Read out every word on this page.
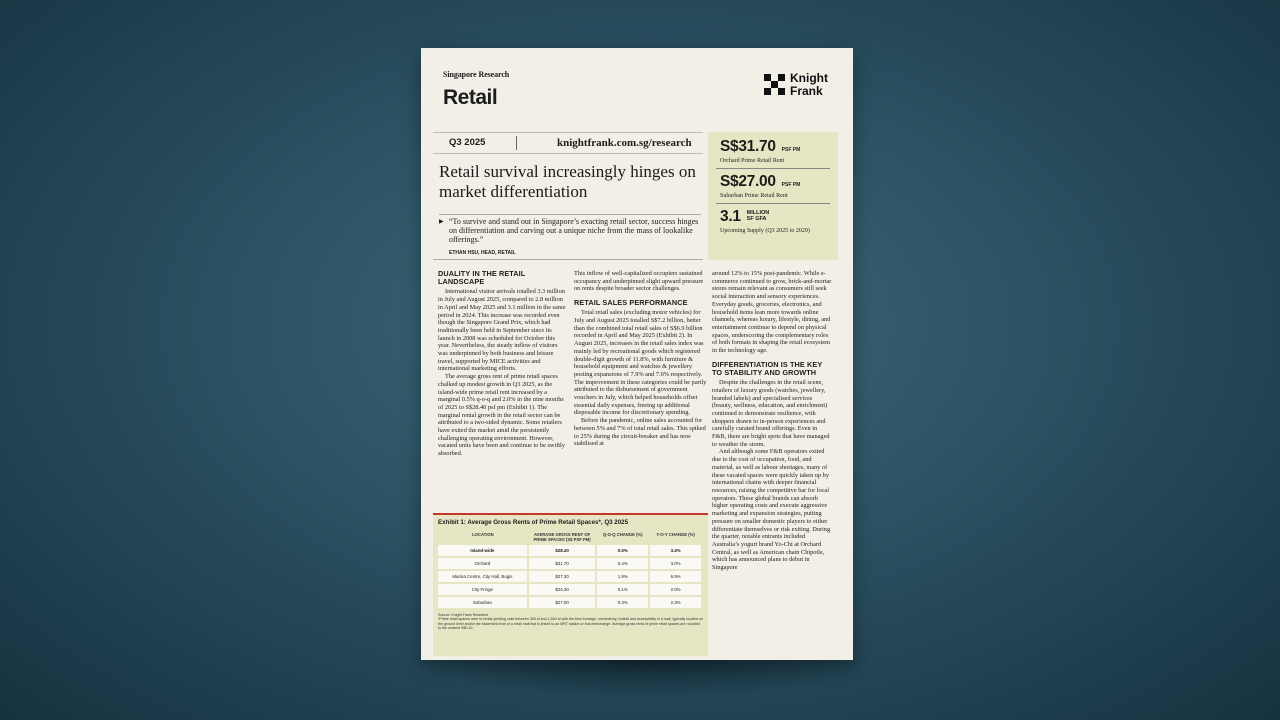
Singapore Research
Retail
Knight
Frank
Q3 2025	knightfrank.com.sg/research
Retail survival increasingly hinges on market differentiation
▶ “To survive and stand out in Singapore’s exacting retail sector, success hinges on differentiation and carving out a unique niche from the mass of lookalike offerings.”
ETHAN HSU, HEAD, RETAIL
S$31.70 PSF PM
Orchard Prime Retail Rent
S$27.00 PSF PM
Suburban Prime Retail Rent
3.1 MILLION
SF GFA
Upcoming Supply (Q3 2025 to 2029)
DUALITY IN THE RETAIL LANDSCAPE

International visitor arrivals totalled 3.3 million in July and August 2025, compared to 2.8 million in April and May 2025 and 3.1 million in the same period in 2024. This increase was recorded even though the Singapore Grand Prix, which had traditionally been held in September since its launch in 2008 was scheduled for October this year. Nevertheless, the steady inflow of visitors was underpinned by both business and leisure travel, supported by MICE activities and international marketing efforts.

The average gross rent of prime retail spaces chalked up modest growth in Q3 2025, as the island-wide prime retail rent increased by a marginal 0.5% q-o-q and 2.0% in the nine months of 2025 to S$28.40 psf pm (Exhibit 1). The marginal rental growth in the retail sector can be attributed to a two-sided dynamic. Some retailers have exited the market amid the persistently challenging operating environment. However, vacated units have been and continue to be swiftly absorbed.

This inflow of well-capitalized occupiers sustained occupancy and underpinned slight upward pressure on rents despite broader sector challenges.

RETAIL SALES PERFORMANCE

Total retail sales (excluding motor vehicles) for July and August 2025 totalled S$7.2 billion, better than the combined total retail sales of S$6.9 billion recorded in April and May 2025 (Exhibit 2). In August 2025, increases in the retail sales index was mainly led by recreational goods which registered double-digit growth of 11.8%, with furniture & household equipment and watches & jewellery posting expansions of 7.9% and 7.0% respectively. The improvement in these categories could be partly attributed to the disbursement of government vouchers in July, which helped households offset essential daily expenses, freeing up additional disposable income for discretionary spending.

Before the pandemic, online sales accounted for between 5% and 7% of total retail sales. This spiked to 25% during the circuit-breaker and has now stabilised at

around 12% to 15% post-pandemic. While e-commerce continued to grow, brick-and-mortar stores remain relevant as consumers still seek social interaction and sensory experiences. Everyday goods, groceries, electronics, and household items lean more towards online channels, whereas luxury, lifestyle, dining, and entertainment continue to depend on physical spaces, underscoring the complementary roles of both formats in shaping the retail ecosystem in the technology age.

DIFFERENTIATION IS THE KEY TO STABILITY AND GROWTH

Despite the challenges in the retail scene, retailers of luxury goods (watches, jewellery, branded labels) and specialised services (beauty, wellness, education, and enrichment) continued to demonstrate resilience, with shoppers drawn to in-person experiences and carefully curated brand offerings. Even in F&B, there are bright spots that have managed to weather the storm.

And although some F&B operators exited due to the cost of occupation, food, and material, as well as labour shortages, many of these vacated spaces were quickly taken up by international chains with deeper financial resources, raising the competitive bar for local operators. These global brands can absorb higher operating costs and execute aggressive marketing and expansion strategies, putting pressure on smaller domestic players to either differentiate themselves or risk exiting. During the quarter, notable entrants included Australia’s yogurt brand Yo-Chi at Orchard Central, as well as American chain Chipotle, which has announced plans to debut in Singapore

Exhibit 1: Average Gross Rents of Prime Retail Spaces*, Q3 2025
LOCATION	AVERAGE GROSS RENT OF PRIME SPACES (S$ PSF PM)	Q-O-Q CHANGE (%)	Y-O-Y CHANGE (%)
Island-wide	$28.40	0.5%	3.4%
Orchard	$31.70	0.4%	3.0%
Marina Centre, City Hall, Bugis	$27.30	1.9%	6.9%
City Fringe	$24.30	0.1%	2.0%
Suburban	$27.00	0.3%	2.3%
Source: Knight Frank Research
*Prime retail spaces refer to rental-yielding units between 350 sf and 1,500 sf with the best frontage, connectivity, footfall and accessibility in a mall, typically located on the ground level and/or the basement level of a retail mall that is linked to an MRT station or bus interchange. Average gross rents of prime retail spaces are rounded to the nearest S$0.10.
